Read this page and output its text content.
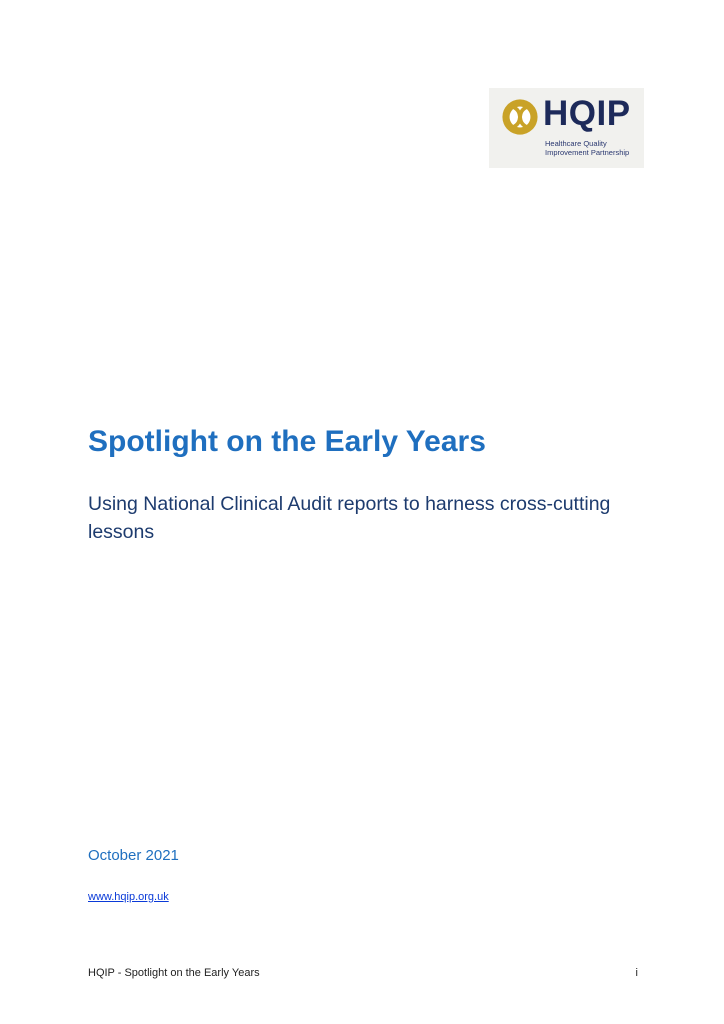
HQIP
Healthcare Quality
Improvement Partnership
Spotlight on the Early Years

Using National Clinical Audit reports to harness cross-cutting lessons

October 2021
www.hqip.org.uk
HQIP - Spotlight on the Early Years	i
